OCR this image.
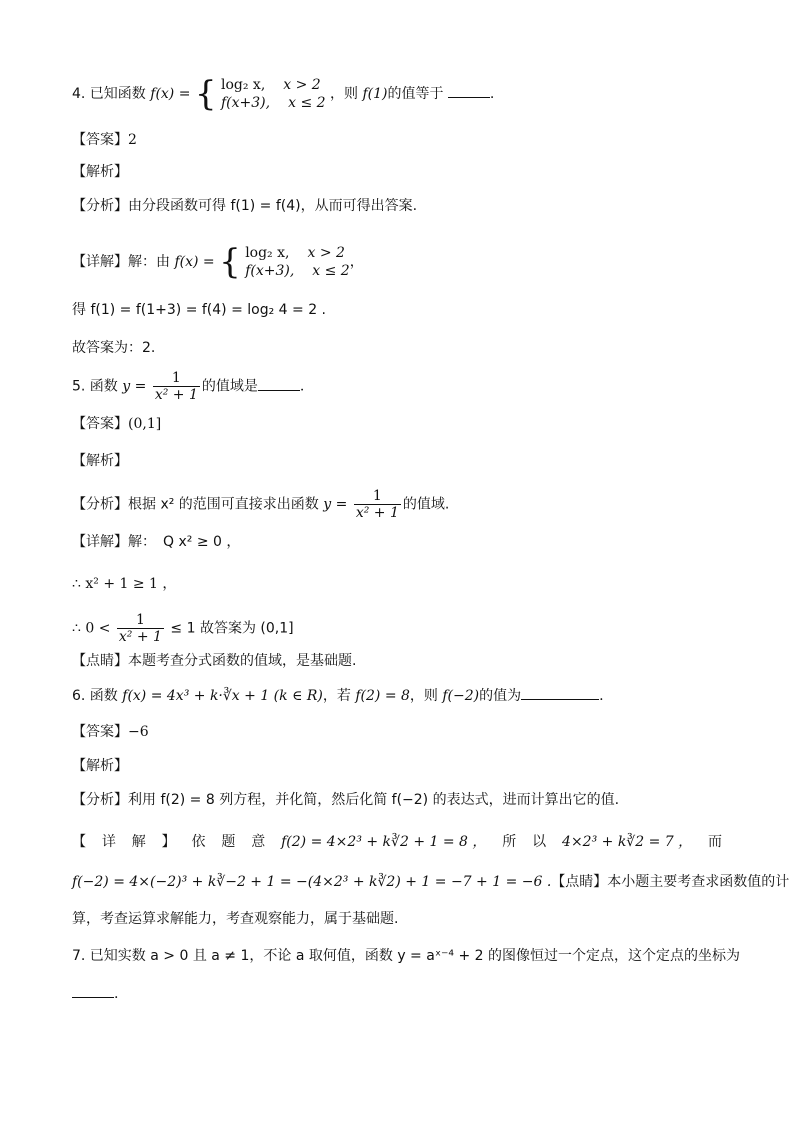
4. 已知函数 f(x) = { log₂ x, x > 2
f(x+3), x ≤ 2
，则 f(1)的值等于	.
【答案】2
【解析】
【分析】由分段函数可得 f(1) = f(4)，从而可得出答案.
【详解】解：由 f(x) = { log₂ x, x > 2
f(x+3), x ≤ 2
，
得 f(1) = f(1+3) = f(4) = log₂ 4 = 2 .
故答案为：2.
5. 函数 $y = \frac{1}{\text{x² + 1}}$ 的值域是	.
【答案】(0,1]
【解析】
【分析】根据 x² 的范围可直接求出函数 $y = \frac{1}{\text{x² + 1}}$ 的值域.
【详解】解：　Q x² ≥ 0 ，
∴ x² + 1 ≥ 1 ，
∴ $0 < \frac{1}{\text{x² + 1}} \le 1$ 故答案为 (0,1]
【点睛】本题考查分式函数的值域，是基础题.
6. 函数 f(x) = 4x³ + k·∛x + 1 (k ∈ R)，若 f(2) = 8，则 f(−2)的值为	.
【答案】−6
【解析】
【分析】利用 f(2) = 8 列方程，并化简，然后化简 f(−2) 的表达式，进而计算出它的值.
【 详 解 】 依 题 意 f(2) = 4×2³ + k∛2 + 1 = 8 ， 所 以 4×2³ + k∛2 = 7 ， 而
f(−2) = 4×(−2)³ + k∛−2 + 1 = −(4×2³ + k∛2) + 1 = −7 + 1 = −6 .【点睛】本小题主要考查求函数值的计
算，考查运算求解能力，考查观察能力，属于基础题.
7. 已知实数 a > 0 且 a ≠ 1，不论 a 取何值，函数 y = aˣ⁻⁴ + 2 的图像恒过一个定点，这个定点的坐标为
.
